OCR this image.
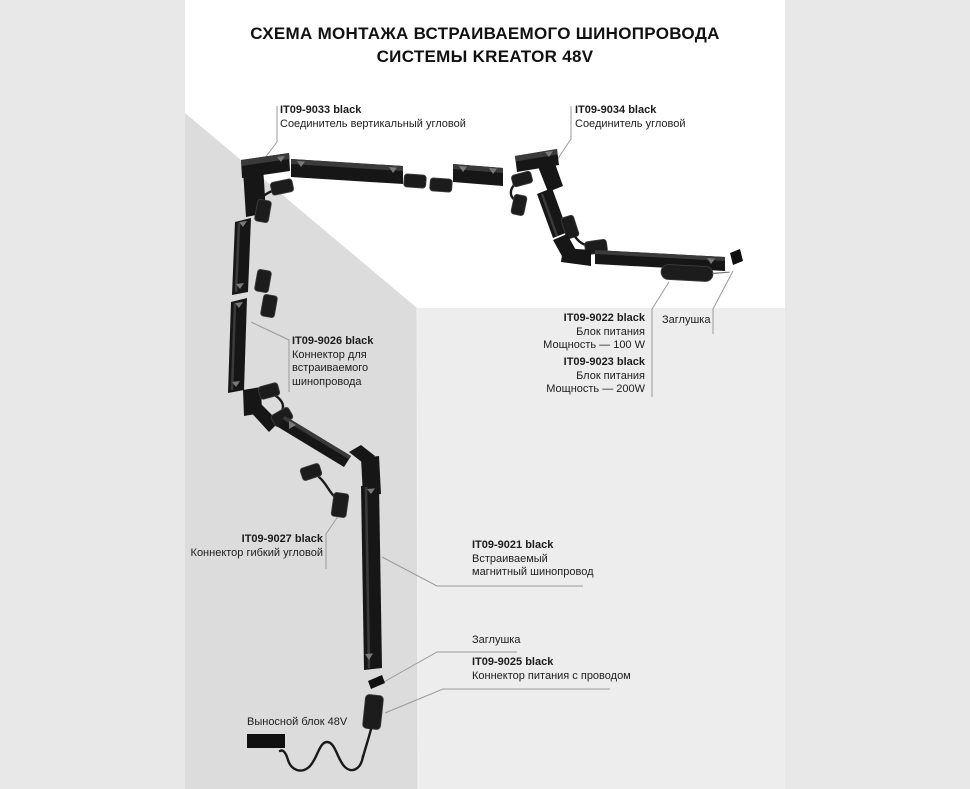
СХЕМА МОНТАЖА ВСТРАИВАЕМОГО ШИНОПРОВОДА
СИСТЕМЫ KREATOR 48V
IT09-9033 black
Соединитель вертикальный угловой
IT09-9034 black
Соединитель угловой
IT09-9026 black
Коннектор для
встраиваемого
шинопровода
IT09-9022 black
Блок питания
Мощность — 100 W
IT09-9023 black
Блок питания
Мощность — 200W
Заглушка
IT09-9027 black
Коннектор гибкий угловой
IT09-9021 black
Встраиваемый
магнитный шинопровод
Заглушка
IT09-9025 black
Коннектор питания с проводом
Выносной блок 48V
